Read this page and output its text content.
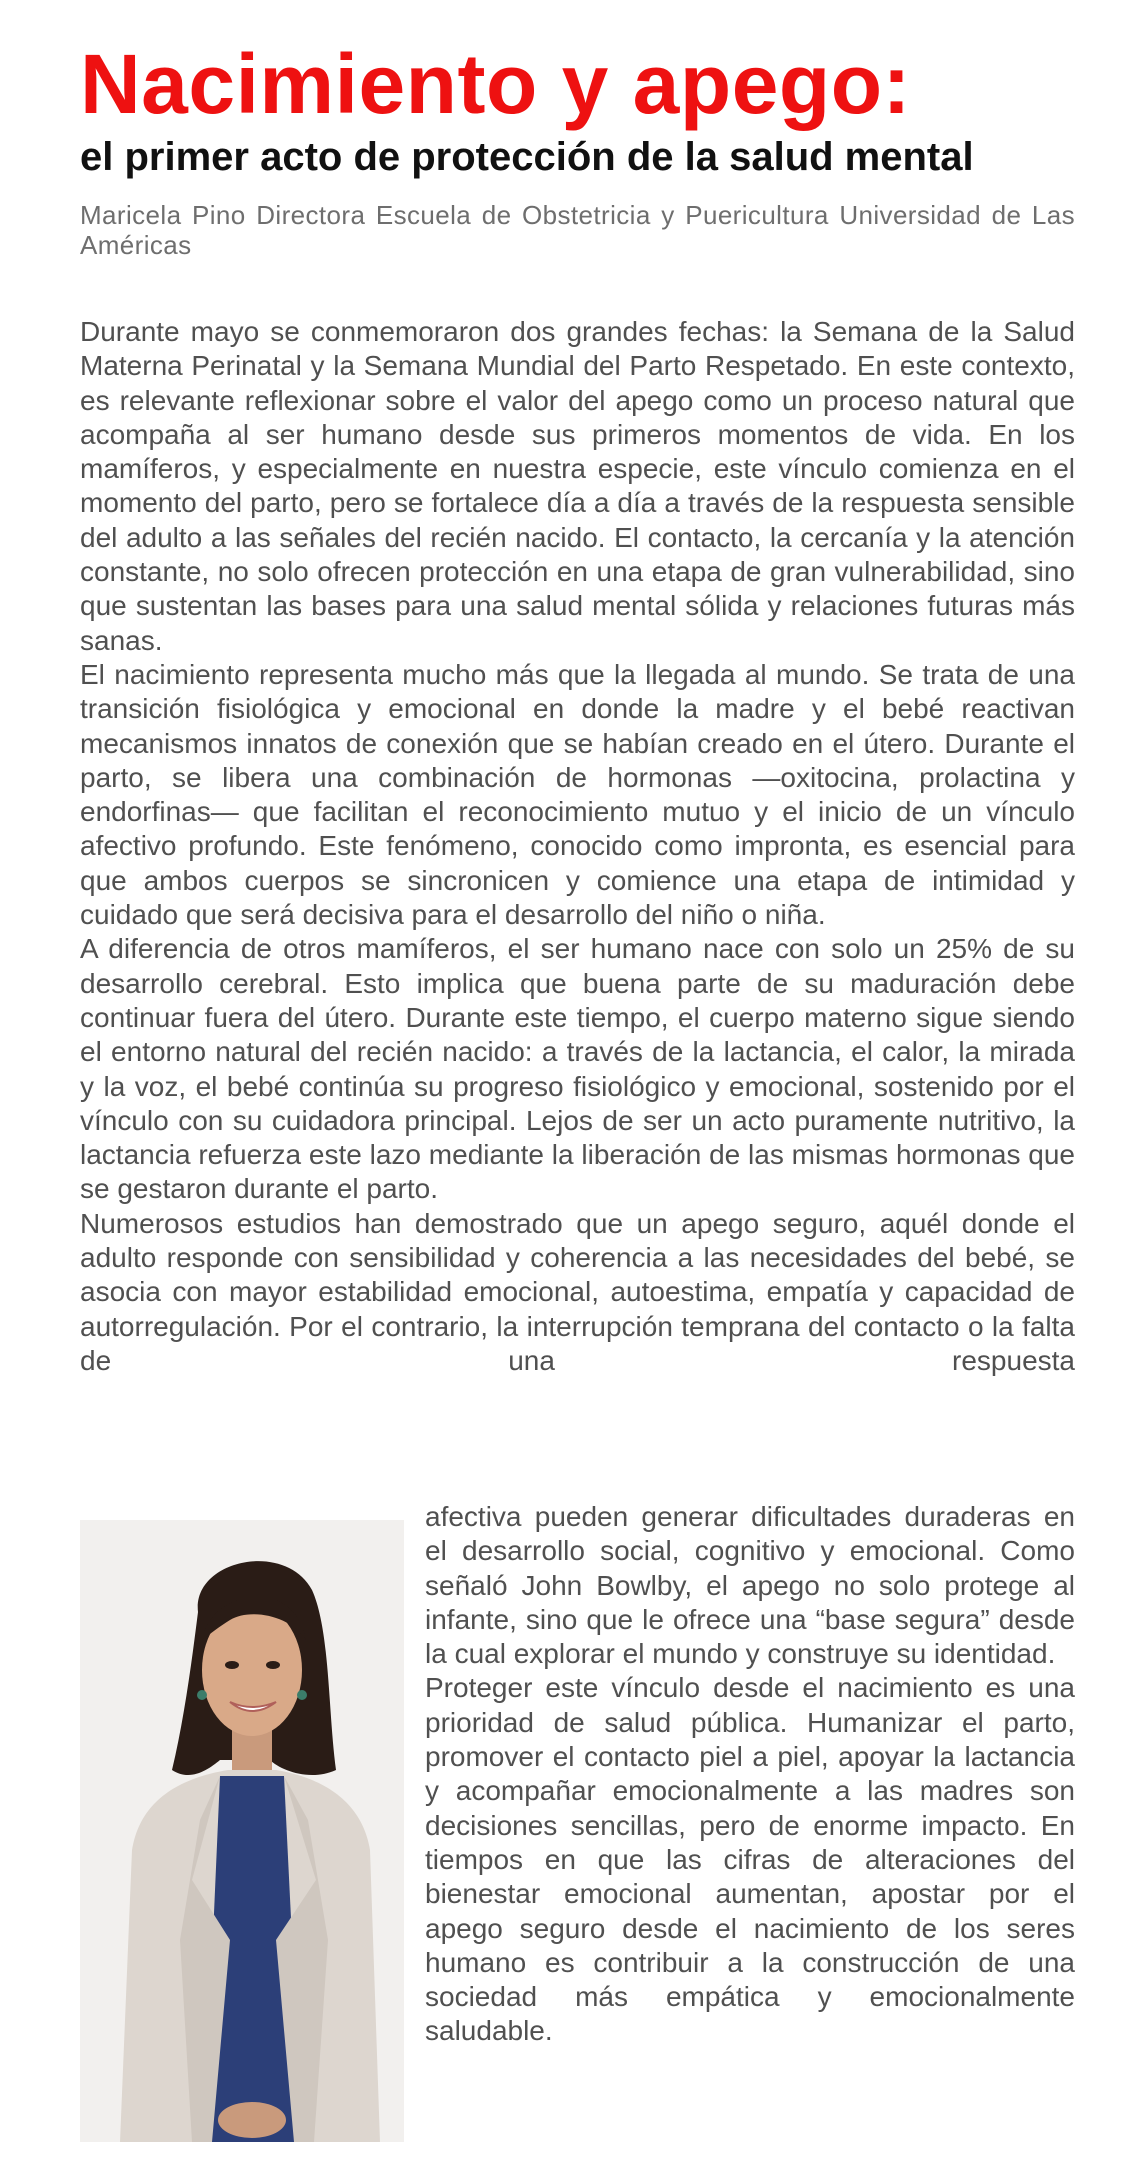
Nacimiento y apego:
el primer acto de protección de la salud mental

Maricela Pino Directora Escuela de Obstetricia y Puericultura Universidad de Las Américas

Durante mayo se conmemoraron dos grandes fechas: la Semana de la Salud Materna Perinatal y la Semana Mundial del Parto Respetado. En este contexto, es relevante reflexionar sobre el valor del apego como un proceso natural que acompaña al ser humano desde sus primeros momentos de vida. En los mamíferos, y especialmente en nuestra especie, este vínculo comienza en el momento del parto, pero se fortalece día a día a través de la respuesta sensible del adulto a las señales del recién nacido. El contacto, la cercanía y la atención constante, no solo ofrecen protección en una etapa de gran vulnerabilidad, sino que sustentan las bases para una salud mental sólida y relaciones futuras más sanas.

El nacimiento representa mucho más que la llegada al mundo. Se trata de una transición fisiológica y emocional en donde la madre y el bebé reactivan mecanismos innatos de conexión que se habían creado en el útero. Durante el parto, se libera una combinación de hormonas —oxitocina, prolactina y endorfinas— que facilitan el reconocimiento mutuo y el inicio de un vínculo afectivo profundo. Este fenómeno, conocido como impronta, es esencial para que ambos cuerpos se sincronicen y comience una etapa de intimidad y cuidado que será decisiva para el desarrollo del niño o niña.

A diferencia de otros mamíferos, el ser humano nace con solo un 25% de su desarrollo cerebral. Esto implica que buena parte de su maduración debe continuar fuera del útero. Durante este tiempo, el cuerpo materno sigue siendo el entorno natural del recién nacido: a través de la lactancia, el calor, la mirada y la voz, el bebé continúa su progreso fisiológico y emocional, sostenido por el vínculo con su cuidadora principal. Lejos de ser un acto puramente nutritivo, la lactancia refuerza este lazo mediante la liberación de las mismas hormonas que se gestaron durante el parto.

Numerosos estudios han demostrado que un apego seguro, aquél donde el adulto responde con sensibilidad y coherencia a las necesidades del bebé, se asocia con mayor estabilidad emocional, autoestima, empatía y capacidad de autorregulación. Por el contrario, la interrupción temprana del contacto o la falta de una respuesta

afectiva pueden generar dificultades duraderas en el desarrollo social, cognitivo y emocional. Como señaló John Bowlby, el apego no solo protege al infante, sino que le ofrece una “base segura” desde la cual explorar el mundo y construye su identidad.

Proteger este vínculo desde el nacimiento es una prioridad de salud pública. Humanizar el parto, promover el contacto piel a piel, apoyar la lactancia y acompañar emocionalmente a las madres son decisiones sencillas, pero de enorme impacto. En tiempos en que las cifras de alteraciones del bienestar emocional aumentan, apostar por el apego seguro desde el nacimiento de los seres humano es contribuir a la construcción de una sociedad más empática y emocionalmente saludable.
